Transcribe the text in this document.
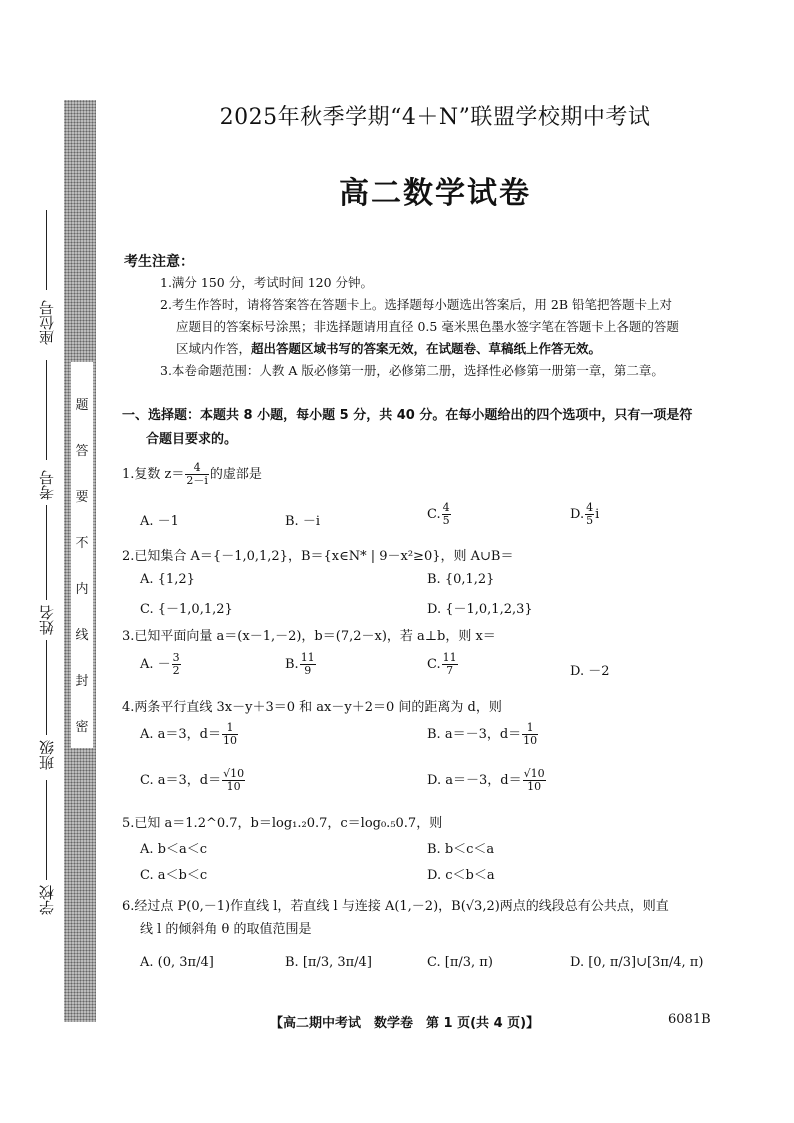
题
答
要
不
内
线
封
密
座位号
考号
姓名
班级
学校
2025年秋季学期“4＋N”联盟学校期中考试
高二数学试卷
考生注意：
1.满分 150 分，考试时间 120 分钟。
2.考生作答时，请将答案答在答题卡上。选择题每小题选出答案后，用 2B 铅笔把答题卡上对
应题目的答案标号涂黑；非选择题请用直径 0.5 毫米黑色墨水签字笔在答题卡上各题的答题
区域内作答，超出答题区域书写的答案无效，在试题卷、草稿纸上作答无效。
3.本卷命题范围：人教 A 版必修第一册，必修第二册，选择性必修第一册第一章，第二章。
一、选择题：本题共 8 小题，每小题 5 分，共 40 分。在每小题给出的四个选项中，只有一项是符
合题目要求的。
1.复数 $z= \frac{4}{2-i}$ 的虚部是
A. －1	B. －i	C. $\frac{4}{5}$	D. $\frac{4}{5}$ i
2.已知集合 A＝{－1,0,1,2}，B＝{x∈N* | 9－x²≥0}，则 A∪B＝
A. {1,2}	B. {0,1,2}
C. {－1,0,1,2}	D. {－1,0,1,2,3}
3.已知平面向量 a＝(x－1,－2)，b＝(7,2－x)，若 a⊥b，则 x＝
A. － $\frac{3}{2}$	B. $\frac{11}{9}$	C. $\frac{11}{7}$	D. －2
4.两条平行直线 3x－y＋3＝0 和 ax－y＋2＝0 间的距离为 d，则
A. a＝3，$d= \frac{1}{10}$	B. a＝－3，$d= \frac{1}{10}$
C. a＝3，$d= \frac{√10}{10}$	D. a＝－3，$d= \frac{√10}{10}$
5.已知 a＝1.2^0.7，b＝log₁.₂0.7，c＝log₀.₅0.7，则
A. b＜a＜c	B. b＜c＜a
C. a＜b＜c	D. c＜b＜a
6.经过点 P(0,－1)作直线 l，若直线 l 与连接 A(1,－2)，B(√3,2)两点的线段总有公共点，则直
线 l 的倾斜角 θ 的取值范围是
A. (0, 3π/4]	B. [π/3, 3π/4]	C. [π/3, π)	D. [0, π/3]∪[3π/4, π)
【高二期中考试　数学卷　第 1 页(共 4 页)】	6081B
